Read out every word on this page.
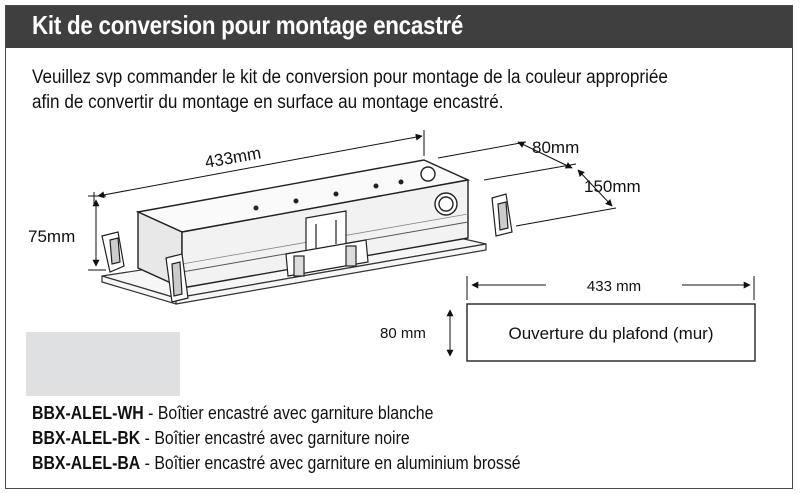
Kit de conversion pour montage encastré
Veuillez svp commander le kit de conversion pour montage de la couleur appropriée
afin de convertir du montage en surface au montage encastré.
433mm	80mm
150mm
75mm
433 mm
Ouverture du plafond (mur)
80 mm
BBX-ALEL-WH - Boîtier encastré avec garniture blanche
BBX-ALEL-BK - Boîtier encastré avec garniture noire
BBX-ALEL-BA - Boîtier encastré avec garniture en aluminium brossé
